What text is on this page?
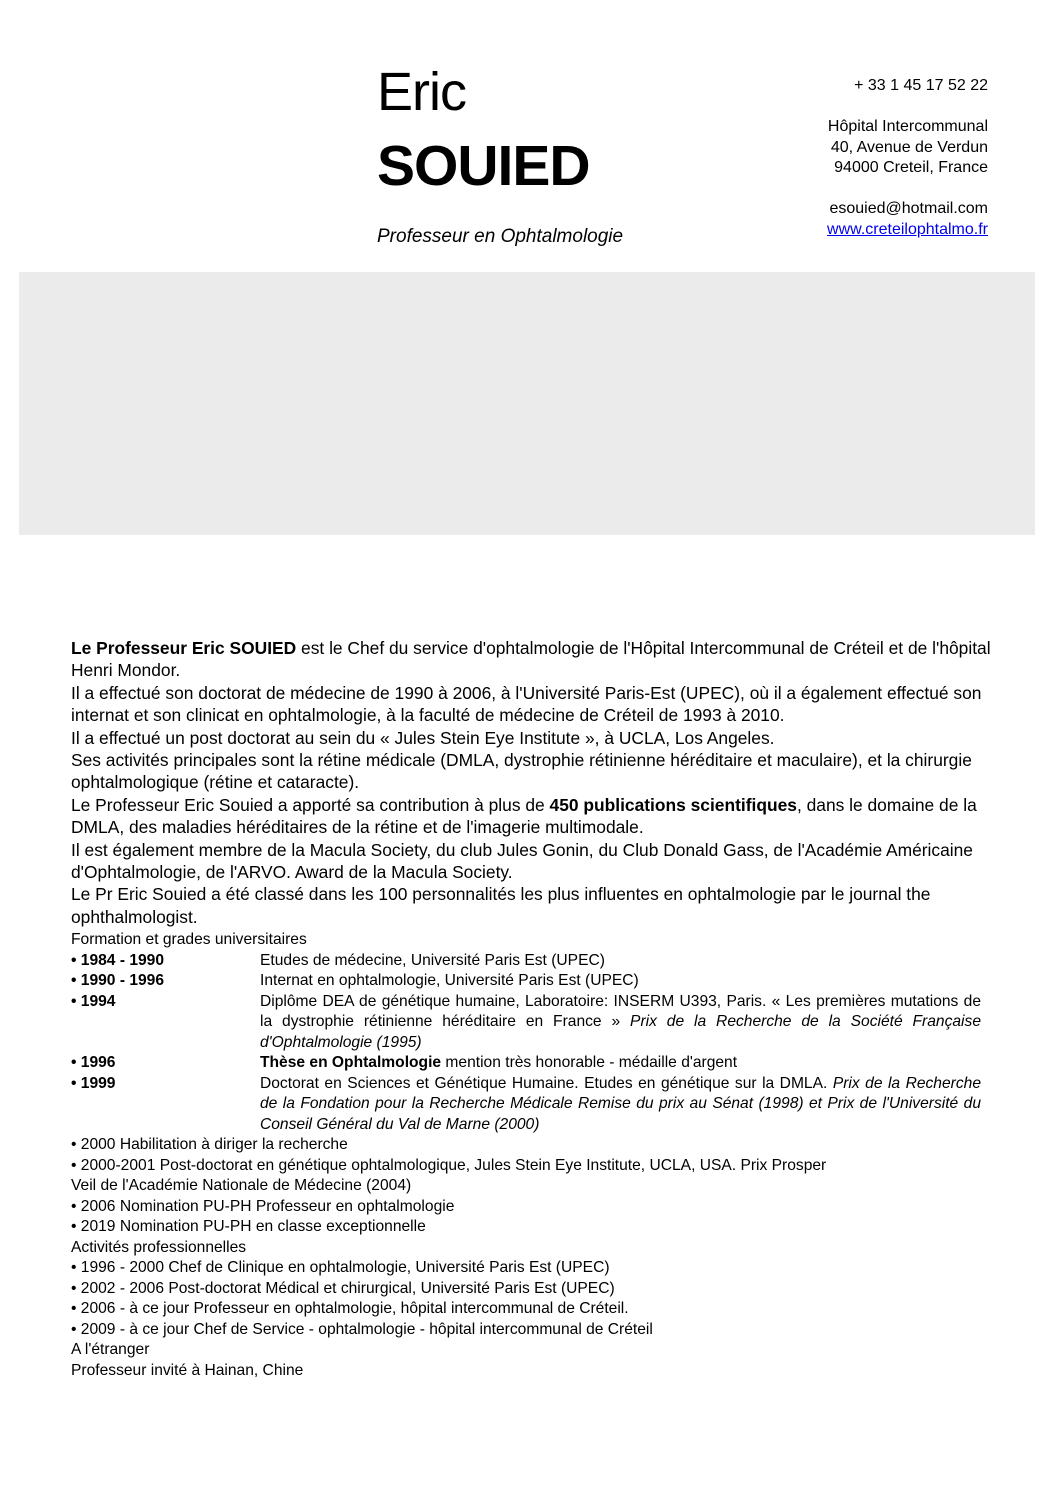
Eric
SOUIED
Professeur en Ophtalmologie
+ 33 1 45 17 52 22
Hôpital Intercommunal
40, Avenue de Verdun
94000 Creteil, France
esouied@hotmail.com
www.creteilophtalmo.fr

Le Professeur Eric SOUIED est le Chef du service d'ophtalmologie de l'Hôpital Intercommunal de Créteil et de l'hôpital Henri Mondor.

Il a effectué son doctorat de médecine de 1990 à 2006, à l'Université Paris-Est (UPEC), où il a également effectué son internat et son clinicat en ophtalmologie, à la faculté de médecine de Créteil de 1993 à 2010.

Il a effectué un post doctorat au sein du « Jules Stein Eye Institute », à UCLA, Los Angeles.

Ses activités principales sont la rétine médicale (DMLA, dystrophie rétinienne héréditaire et maculaire), et la chirurgie ophtalmologique (rétine et cataracte).

Le Professeur Eric Souied a apporté sa contribution à plus de 450 publications scientifiques, dans le domaine de la DMLA, des maladies héréditaires de la rétine et de l'imagerie multimodale.

Il est également membre de la Macula Society, du club Jules Gonin, du Club Donald Gass, de l'Académie Américaine d'Ophtalmologie, de l'ARVO. Award de la Macula Society.

Le Pr Eric Souied a été classé dans les 100 personnalités les plus influentes en ophtalmologie par le journal the ophthalmologist.

Formation et grades universitaires
• 1984 - 1990	Etudes de médecine, Université Paris Est (UPEC)
• 1990 - 1996	Internat en ophtalmologie, Université Paris Est (UPEC)
• 1994	Diplôme DEA de génétique humaine, Laboratoire: INSERM U393, Paris. « Les premières mutations de la dystrophie rétinienne héréditaire en France » Prix de la Recherche de la Société Française d'Ophtalmologie (1995)
• 1996	Thèse en Ophtalmologie mention très honorable - médaille d'argent
• 1999	Doctorat en Sciences et Génétique Humaine. Etudes en génétique sur la DMLA. Prix de la Recherche de la Fondation pour la Recherche Médicale Remise du prix au Sénat (1998) et Prix de l'Université du Conseil Général du Val de Marne (2000)
• 2000 Habilitation à diriger la recherche
• 2000-2001 Post-doctorat en génétique ophtalmologique, Jules Stein Eye Institute, UCLA, USA. Prix Prosper
Veil de l'Académie Nationale de Médecine (2004)
• 2006 Nomination PU-PH Professeur en ophtalmologie
• 2019 Nomination PU-PH en classe exceptionnelle
Activités professionnelles
• 1996 - 2000 Chef de Clinique en ophtalmologie, Université Paris Est (UPEC)
• 2002 - 2006 Post-doctorat Médical et chirurgical, Université Paris Est (UPEC)
• 2006 - à ce jour Professeur en ophtalmologie, hôpital intercommunal de Créteil.
• 2009 - à ce jour Chef de Service - ophtalmologie - hôpital intercommunal de Créteil
A l'étranger
Professeur invité à Hainan, Chine
